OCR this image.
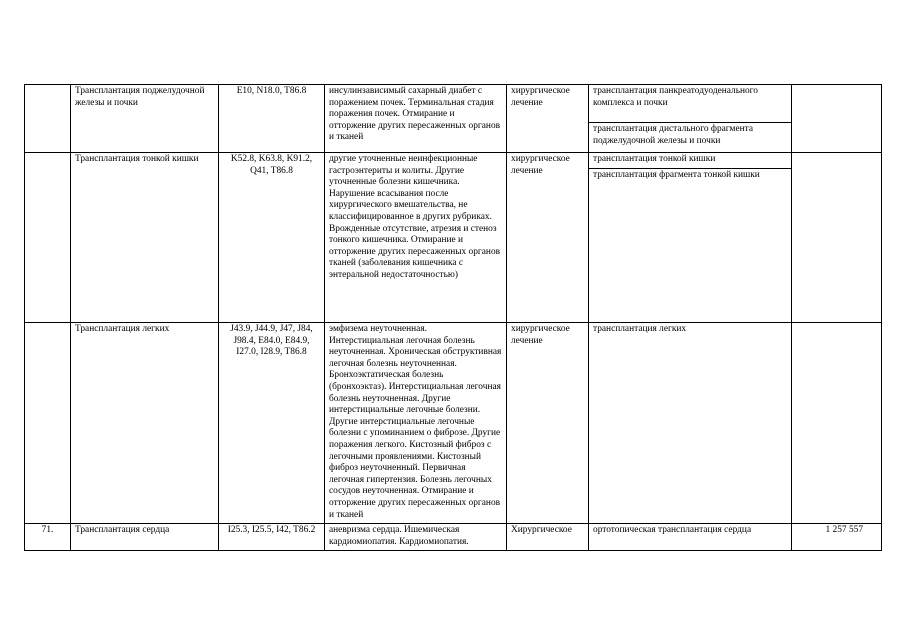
	Трансплантация поджелудочной железы и почки	E10, N18.0, T86.8	инсулинзависимый сахарный диабет с поражением почек. Терминальная стадия поражения почек. Отмирание и отторжение других пересаженных органов и тканей	хирургическое лечение	трансплантация панкреатодуоденального комплекса и почки	
					трансплантация дистального фрагмента поджелудочной железы и почки	
	Трансплантация тонкой кишки	K52.8, K63.8, K91.2, Q41, T86.8	другие уточненные неинфекционные гастроэнтериты и колиты. Другие уточненные болезни кишечника. Нарушение всасывания после хирургического вмешательства, не классифицированное в других рубриках. Врожденные отсутствие, атрезия и стеноз тонкого кишечника. Отмирание и отторжение других пересаженных органов тканей (заболевания кишечника с энтеральной недостаточностью)	хирургическое лечение	трансплантация тонкой кишки	
					трансплантация фрагмента тонкой кишки	
	Трансплантация легких	J43.9, J44.9, J47, J84, J98.4, E84.0, E84.9, I27.0, I28.9, T86.8	эмфизема неуточненная. Интерстициальная легочная болезнь неуточненная. Хроническая обструктивная легочная болезнь неуточненная. Бронхоэктатическая болезнь (бронхоэктаз). Интерстициальная легочная болезнь неуточненная. Другие интерстициальные легочные болезни. Другие интерстициальные легочные болезни с упоминанием о фиброзе. Другие поражения легкого. Кистозный фиброз с легочными проявлениями. Кистозный фиброз неуточненный. Первичная легочная гипертензия. Болезнь легочных сосудов неуточненная. Отмирание и отторжение других пересаженных органов и тканей	хирургическое лечение	трансплантация легких	
71.	Трансплантация сердца	I25.3, I25.5, I42, T86.2	аневризма сердца. Ишемическая кардиомиопатия. Кардиомиопатия.	Хирургическое	ортотопическая трансплантация сердца	1 257 557
